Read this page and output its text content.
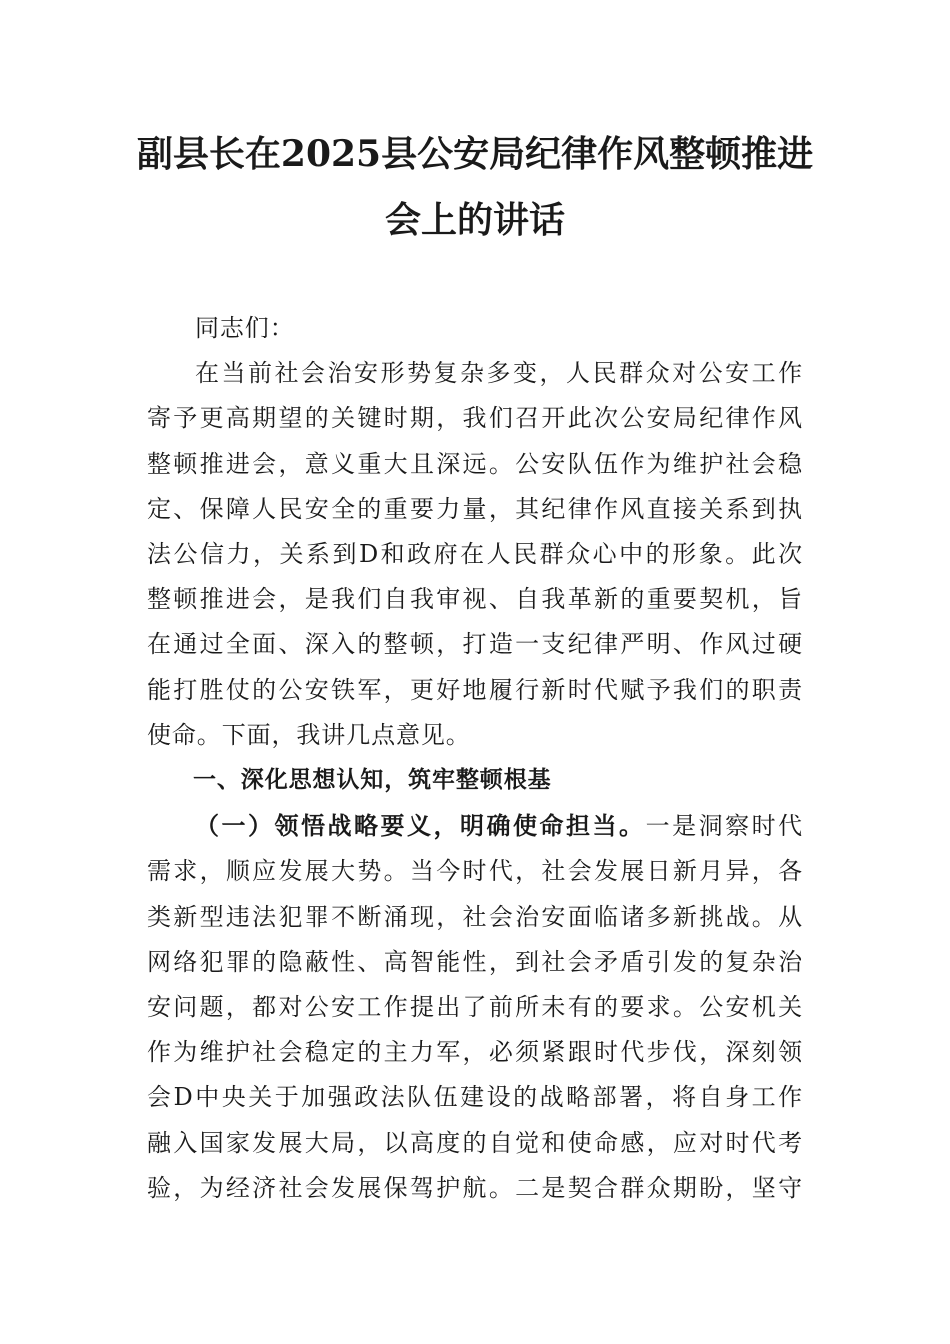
副县长在2025县公安局纪律作风整顿推进
会上的讲话

同志们：

在当前社会治安形势复杂多变，人民群众对公安工作
寄予更高期望的关键时期，我们召开此次公安局纪律作风
整顿推进会，意义重大且深远。公安队伍作为维护社会稳
定、保障人民安全的重要力量，其纪律作风直接关系到执
法公信力，关系到D和政府在人民群众心中的形象。此次
整顿推进会，是我们自我审视、自我革新的重要契机，旨
在通过全面、深入的整顿，打造一支纪律严明、作风过硬
能打胜仗的公安铁军，更好地履行新时代赋予我们的职责
使命。下面，我讲几点意见。

一、深化思想认知，筑牢整顿根基

（一）领悟战略要义，明确使命担当。一是洞察时代
需求，顺应发展大势。当今时代，社会发展日新月异，各
类新型违法犯罪不断涌现，社会治安面临诸多新挑战。从
网络犯罪的隐蔽性、高智能性，到社会矛盾引发的复杂治
安问题，都对公安工作提出了前所未有的要求。公安机关
作为维护社会稳定的主力军，必须紧跟时代步伐，深刻领
会D中央关于加强政法队伍建设的战略部署，将自身工作
融入国家发展大局，以高度的自觉和使命感，应对时代考
验，为经济社会发展保驾护航。二是契合群众期盼，坚守
